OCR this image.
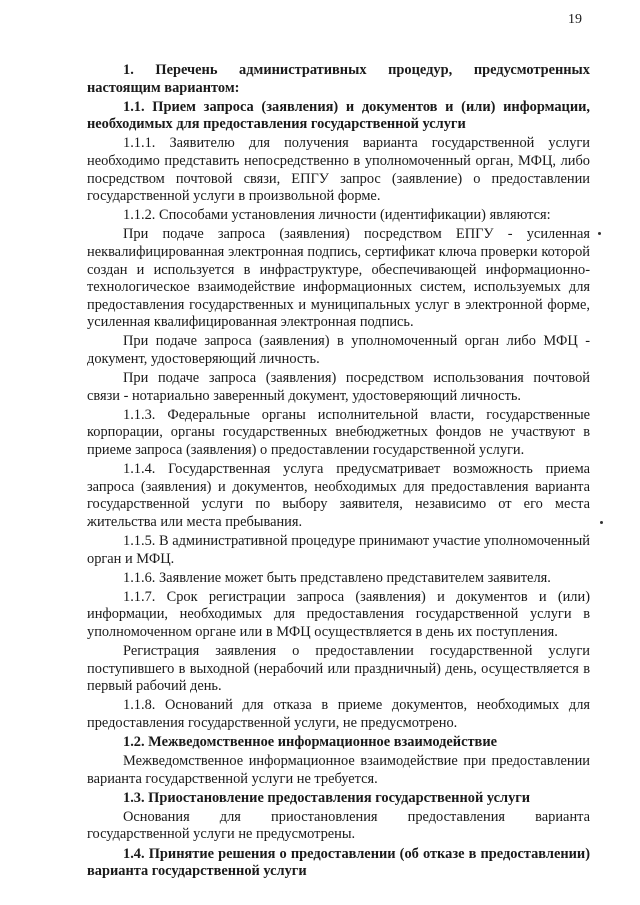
19

1. Перечень административных процедур, предусмотренных настоящим вариантом:

1.1. Прием запроса (заявления) и документов и (или) информации, необходимых для предоставления государственной услуги

1.1.1. Заявителю для получения варианта государственной услуги необходимо представить непосредственно в уполномоченный орган, МФЦ, либо посредством почтовой связи, ЕПГУ запрос (заявление) о предоставлении государственной услуги в произвольной форме.

1.1.2. Способами установления личности (идентификации) являются:

При подаче запроса (заявления) посредством ЕПГУ - усиленная неквалифицированная электронная подпись, сертификат ключа проверки которой создан и используется в инфраструктуре, обеспечивающей информационно-технологическое взаимодействие информационных систем, используемых для предоставления государственных и муниципальных услуг в электронной форме, усиленная квалифицированная электронная подпись.

При подаче запроса (заявления) в уполномоченный орган либо МФЦ - документ, удостоверяющий личность.

При подаче запроса (заявления) посредством использования почтовой связи - нотариально заверенный документ, удостоверяющий личность.

1.1.3. Федеральные органы исполнительной власти, государственные корпорации, органы государственных внебюджетных фондов не участвуют в приеме запроса (заявления) о предоставлении государственной услуги.

1.1.4. Государственная услуга предусматривает возможность приема запроса (заявления) и документов, необходимых для предоставления варианта государственной услуги по выбору заявителя, независимо от его места жительства или места пребывания.

1.1.5. В административной процедуре принимают участие уполномоченный орган и МФЦ.

1.1.6. Заявление может быть представлено представителем заявителя.

1.1.7. Срок регистрации запроса (заявления) и документов и (или) информации, необходимых для предоставления государственной услуги в уполномоченном органе или в МФЦ осуществляется в день их поступления.

Регистрация заявления о предоставлении государственной услуги поступившего в выходной (нерабочий или праздничный) день, осуществляется в первый рабочий день.

1.1.8. Оснований для отказа в приеме документов, необходимых для предоставления государственной услуги, не предусмотрено.

1.2. Межведомственное информационное взаимодействие

Межведомственное информационное взаимодействие при предоставлении варианта государственной услуги не требуется.

1.3. Приостановление предоставления государственной услуги

Основания для приостановления предоставления варианта государственной услуги не предусмотрены.

1.4. Принятие решения о предоставлении (об отказе в предоставлении) варианта государственной услуги
